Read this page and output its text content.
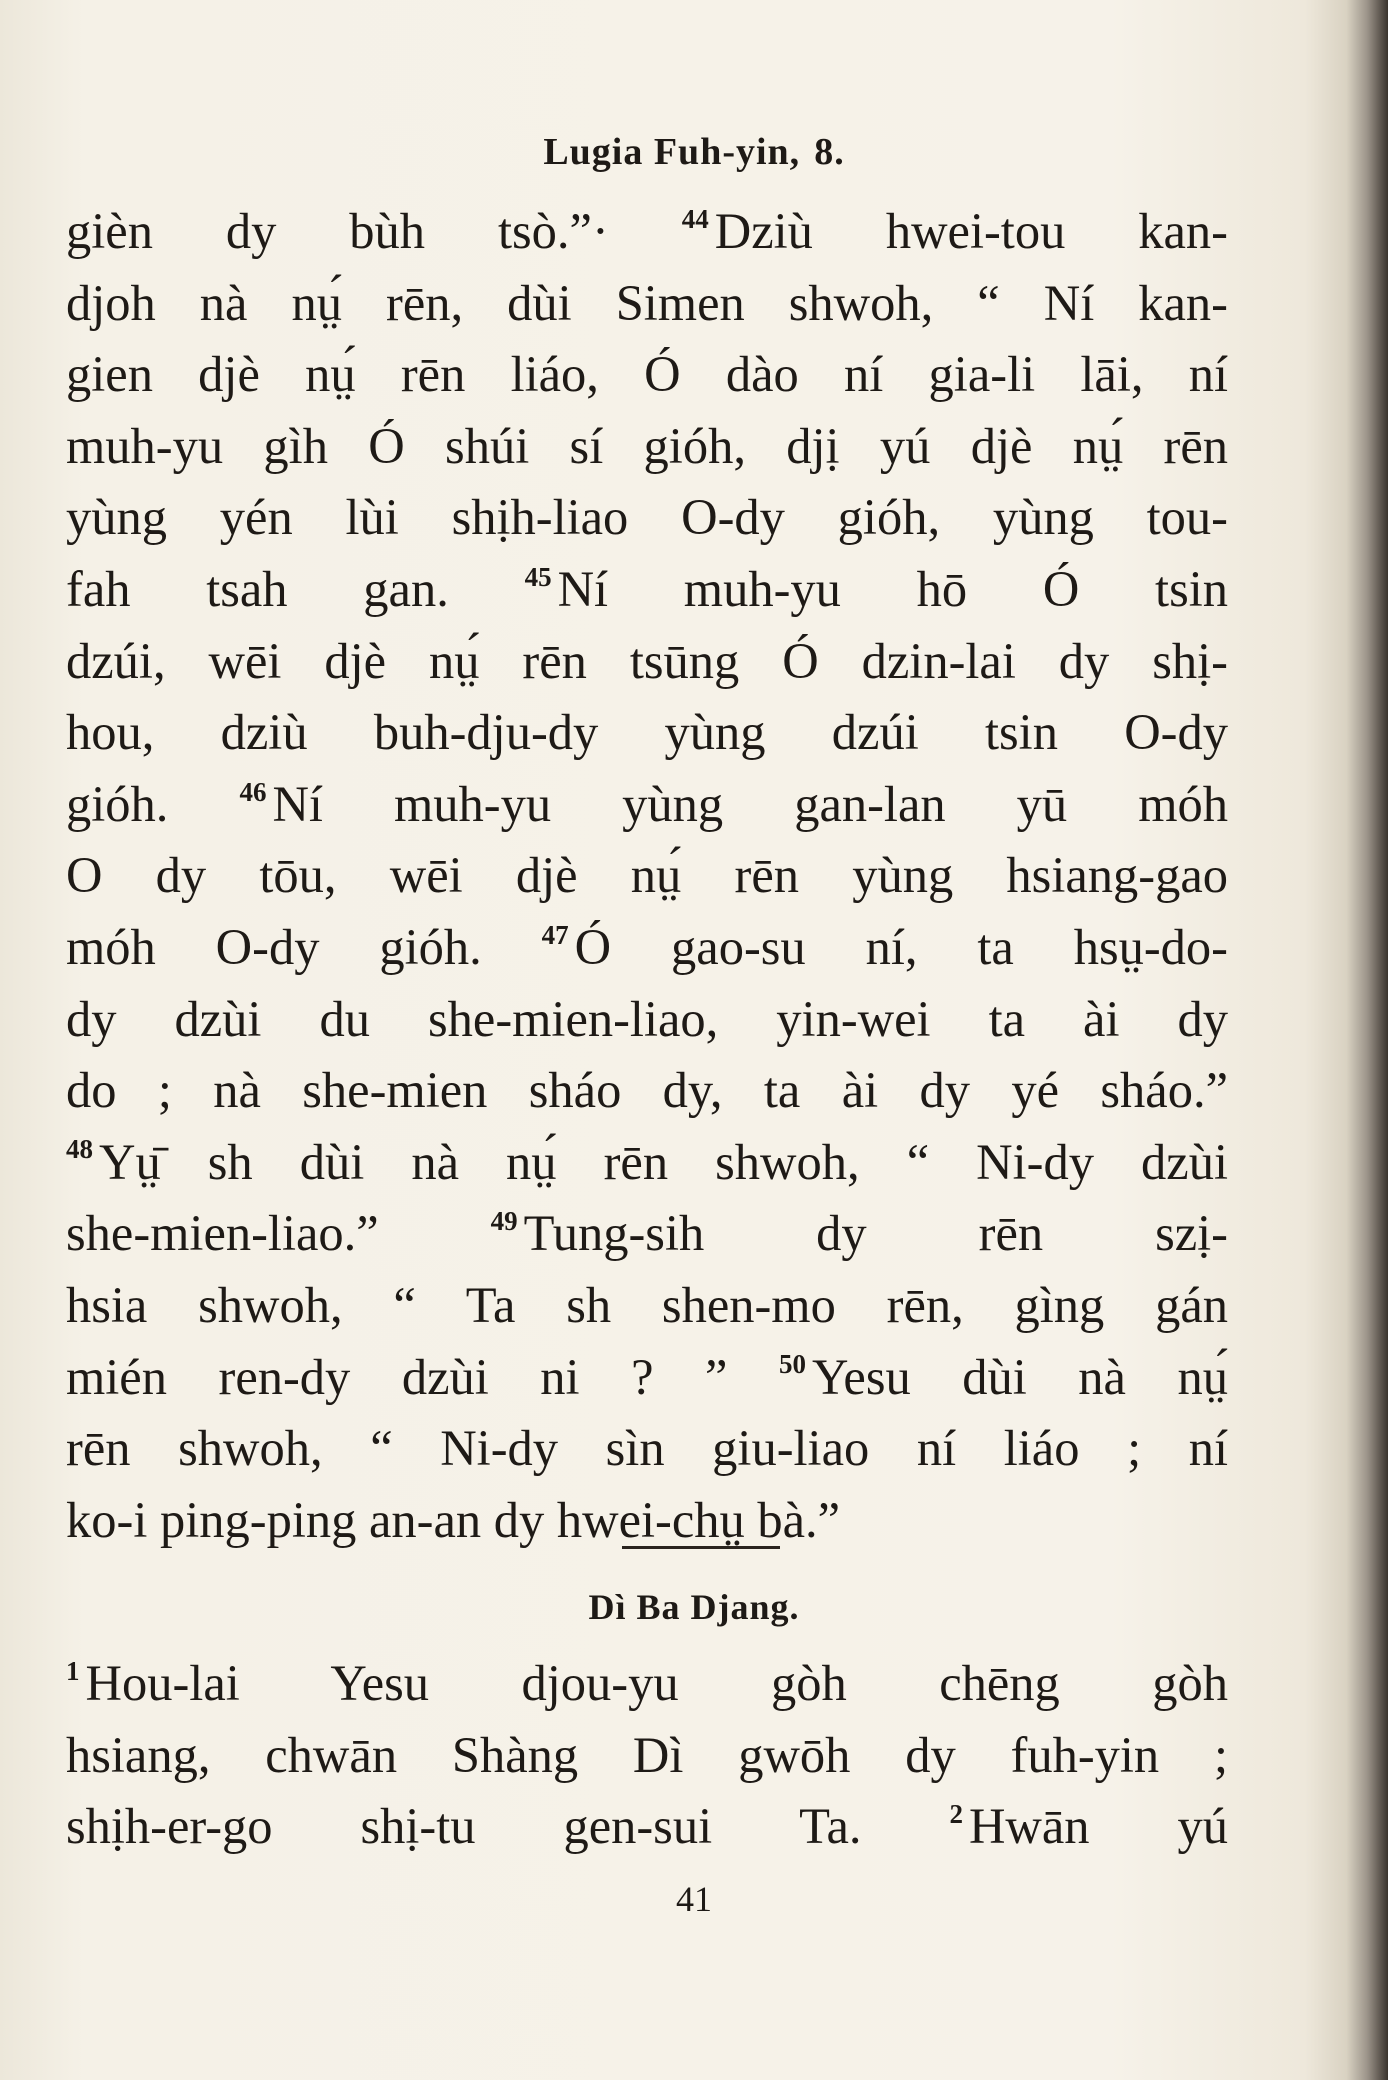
Lugia Fuh-yin, 8.
gièn dy bùh tsò.”· $^{44}$ Dziù hwei-tou kan-
djoh nà nṳ́ rēn, dùi Simen shwoh, “ Ní kan-
gien djè nṳ́ rēn liáo, Ó dào ní gia-li lāi, ní
muh-yu gìh Ó shúi sí gióh, djị yú djè nṳ́ rēn
yùng yén lùi shịh-liao O-dy gióh, yùng tou-
fah tsah gan. $^{45}$ Ní muh-yu hō Ó tsin
dzúi, wēi djè nṳ́ rēn tsūng Ó dzin-lai dy shị-
hou, dziù buh-dju-dy yùng dzúi tsin O-dy
gióh. $^{46}$ Ní muh-yu yùng gan-lan yū móh
O dy tōu, wēi djè nṳ́ rēn yùng hsiang-gao
móh O-dy gióh. $^{47}$ Ó gao-su ní, ta hsṳ-do-
dy dzùi du she-mien-liao, yin-wei ta ài dy
do ; nà she-mien sháo dy, ta ài dy yé sháo.”
$^{48}$ Yṳ̄ sh dùi nà nṳ́ rēn shwoh, “ Ni-dy dzùi
she-mien-liao.” $^{49}$ Tung-sih dy rēn szị-
hsia shwoh, “ Ta sh shen-mo rēn, gìng gán
mién ren-dy dzùi ni ? ” $^{50}$ Yesu dùi nà nṳ́
rēn shwoh, “ Ni-dy sìn giu-liao ní liáo ; ní
ko-i ping-ping an-an dy hwei-chṳ bà.”
Dì Ba Djang.
$^1$ Hou-lai Yesu djou-yu gòh chēng gòh
hsiang, chwān Shàng Dì gwōh dy fuh-yin ;
shịh-er-go shị-tu gen-sui Ta. $^2$ Hwān yú
41
